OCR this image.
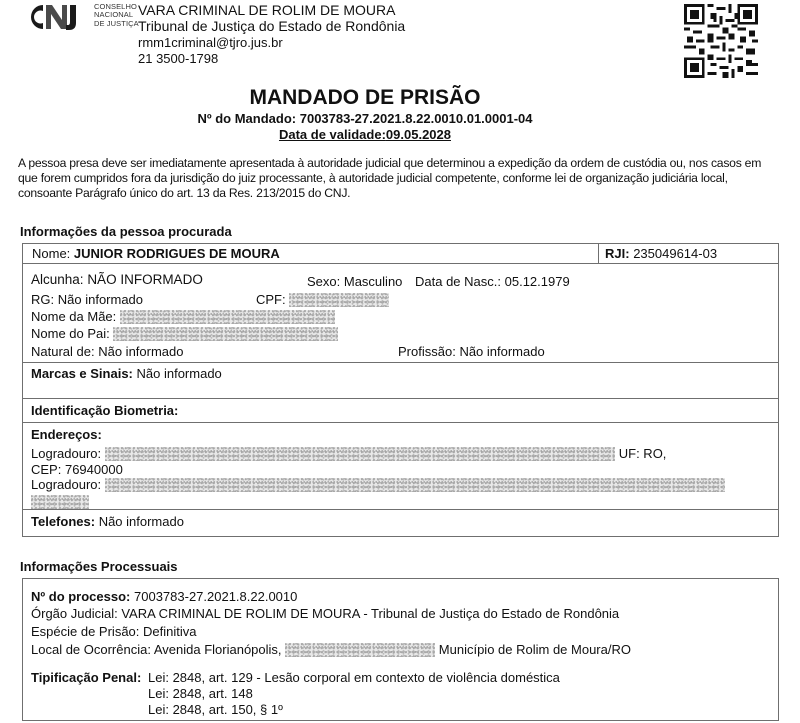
CONSELHO
NACIONAL
DE JUSTIÇA
VARA CRIMINAL DE ROLIM DE MOURA
Tribunal de Justiça do Estado de Rondônia
rmm1criminal@tjro.jus.br
21 3500-1798
MANDADO DE PRISÃO
Nº do Mandado: 7003783-27.2021.8.22.0010.01.0001-04
Data de validade:09.05.2028
A pessoa presa deve ser imediatamente apresentada à autoridade judicial que determinou a expedição da ordem de custódia ou, nos casos em que forem cumpridos fora da jurisdição do juiz processante, à autoridade judicial competente, conforme lei de organização judiciária local, consoante Parágrafo único do art. 13 da Res. 213/2015 do CNJ.
Informações da pessoa procurada
Nome: JUNIOR RODRIGUES DE MOURA	RJI: 235049614-03
Alcunha: NÃO INFORMADO	Sexo: Masculino Data de Nasc.: 05.12.1979
RG: Não informado	CPF:
Nome da Mãe:
Nome do Pai:
Natural de: Não informado	Profissão: Não informado
Marcas e Sinais: Não informado
Identificação Biometria:
Endereços:
Logradouro:	UF: RO,
CEP: 76940000
Logradouro:
Telefones: Não informado
Informações Processuais
Nº do processo: 7003783-27.2021.8.22.0010
Órgão Judicial: VARA CRIMINAL DE ROLIM DE MOURA - Tribunal de Justiça do Estado de Rondônia
Espécie de Prisão: Definitiva
Local de Ocorrência: Avenida Florianópolis,	Município de Rolim de Moura/RO
Tipificação Penal: Lei: 2848, art. 129 - Lesão corporal em contexto de violência doméstica
Lei: 2848, art. 148
Lei: 2848, art. 150, § 1º
